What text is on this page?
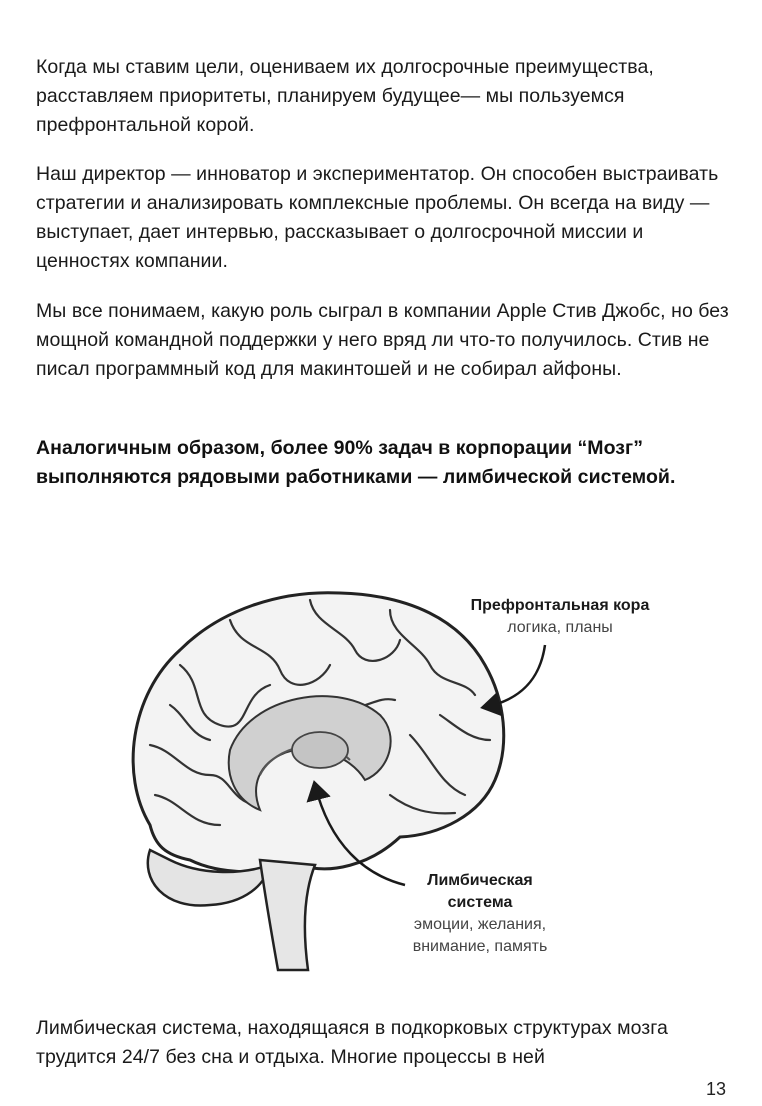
Когда мы ставим цели, оцениваем их долгосрочные преимущества, расставляем приоритеты, планируем будущее— мы пользуемся префронтальной корой.

Наш директор — инноватор и экспериментатор. Он способен выстраивать стратегии и анализировать комплексные проблемы. Он всегда на виду — выступает, дает интервью, рассказывает о долгосрочной миссии и ценностях компании.

Мы все понимаем, какую роль сыграл в компании Apple Стив Джобс, но без мощной командной поддержки у него вряд ли что-то получилось. Стив не писал программный код для макинтошей и не собирал айфоны.

Аналогичным образом, более 90% задач в корпорации “Мозг” выполняются рядовыми работниками — лимбической системой.

Префронтальная кора
логика, планы
Лимбическая
система
эмоции, желания,
внимание, память

Лимбическая система, находящаяся в подкорковых структурах мозга трудится 24/7 без сна и отдыха. Многие процессы в ней

13
